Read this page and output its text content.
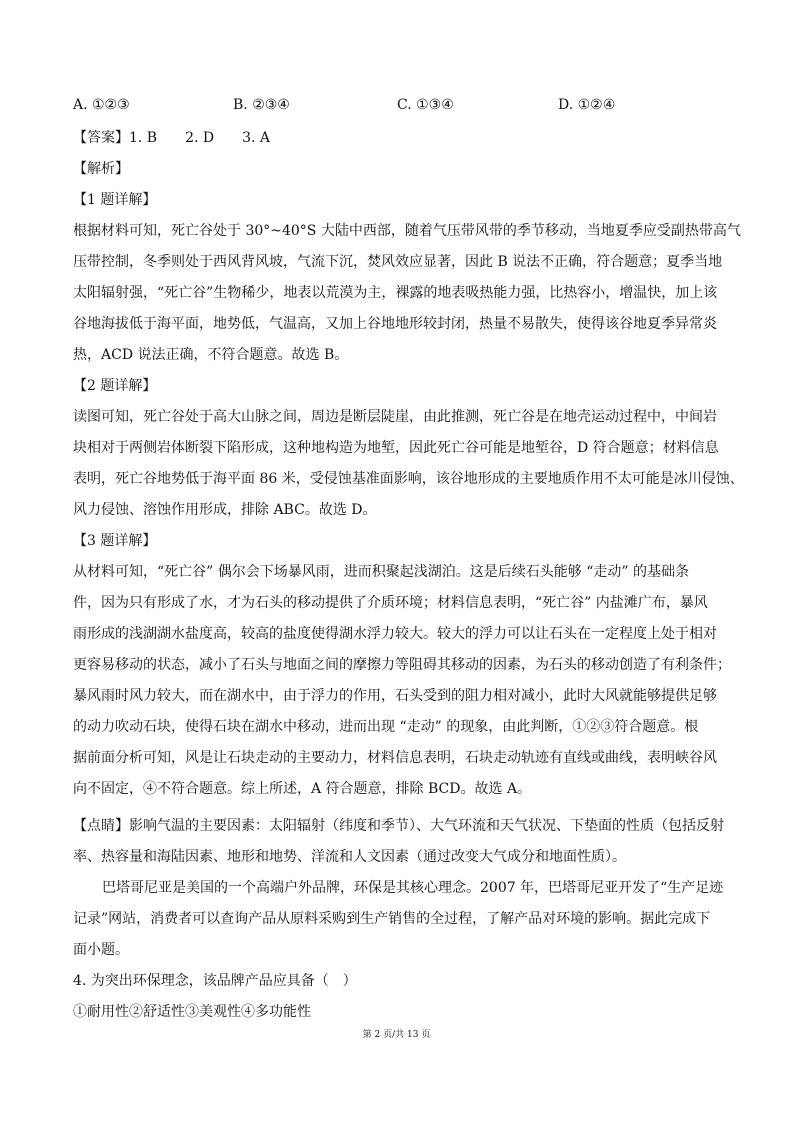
A. ①②③	B. ②③④	C. ①③④	D. ①②④
【答案】1. B　　2. D　　3. A
【解析】
【1 题详解】
根据材料可知，死亡谷处于 30°~40°S 大陆中西部，随着气压带风带的季节移动，当地夏季应受副热带高气
压带控制，冬季则处于西风背风坡，气流下沉，焚风效应显著，因此 B 说法不正确，符合题意；夏季当地
太阳辐射强，“死亡谷”生物稀少，地表以荒漠为主，裸露的地表吸热能力强，比热容小，增温快，加上该
谷地海拔低于海平面，地势低，气温高，又加上谷地地形较封闭，热量不易散失，使得该谷地夏季异常炎
热，ACD 说法正确，不符合题意。故选 B。
【2 题详解】
读图可知，死亡谷处于高大山脉之间，周边是断层陡崖，由此推测，死亡谷是在地壳运动过程中，中间岩
块相对于两侧岩体断裂下陷形成，这种地构造为地堑，因此死亡谷可能是地堑谷，D 符合题意；材料信息
表明，死亡谷地势低于海平面 86 米，受侵蚀基准面影响，该谷地形成的主要地质作用不太可能是冰川侵蚀、
风力侵蚀、溶蚀作用形成，排除 ABC。故选 D。
【3 题详解】
从材料可知，“死亡谷” 偶尔会下场暴风雨，进而积聚起浅湖泊。这是后续石头能够 “走动” 的基础条
件，因为只有形成了水，才为石头的移动提供了介质环境；材料信息表明，“死亡谷” 内盐滩广布，暴风
雨形成的浅湖湖水盐度高，较高的盐度使得湖水浮力较大。较大的浮力可以让石头在一定程度上处于相对
更容易移动的状态，减小了石头与地面之间的摩擦力等阻碍其移动的因素，为石头的移动创造了有利条件；
暴风雨时风力较大，而在湖水中，由于浮力的作用，石头受到的阻力相对减小，此时大风就能够提供足够
的动力吹动石块，使得石块在湖水中移动，进而出现 “走动” 的现象，由此判断，①②③符合题意。根
据前面分析可知，风是让石块走动的主要动力，材料信息表明，石块走动轨迹有直线或曲线，表明峡谷风
向不固定，④不符合题意。综上所述，A 符合题意，排除 BCD。故选 A。
【点睛】影响气温的主要因素：太阳辐射（纬度和季节）、大气环流和天气状况、下垫面的性质（包括反射
率、热容量和海陆因素、地形和地势、洋流和人文因素（通过改变大气成分和地面性质）。
巴塔哥尼亚是美国的一个高端户外品牌，环保是其核心理念。2007 年，巴塔哥尼亚开发了“生产足迹
记录”网站，消费者可以查询产品从原料采购到生产销售的全过程，了解产品对环境的影响。据此完成下
面小题。
4. 为突出环保理念，该品牌产品应具备（　）
①耐用性②舒适性③美观性④多功能性
第 2 页/共 13 页
